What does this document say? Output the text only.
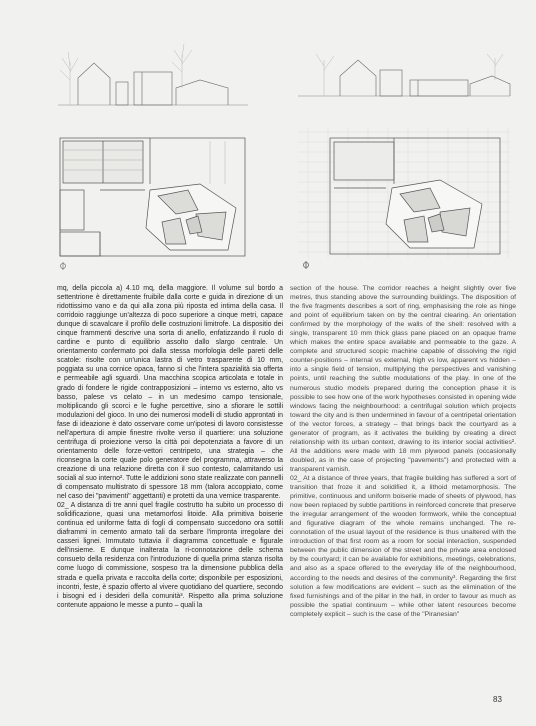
mq, della piccola a) 4.10 mq, della maggiore. Il volume sul bordo a settentrione è direttamente fruibile dalla corte e guida in direzione di un ridottissimo vano e da qui alla zona più riposta ed intima della casa. Il corridoio raggiunge un'altezza di poco superiore a cinque metri, capace dunque di scavalcare il profilo delle costruzioni limitrofe. La dispositio dei cinque frammenti descrive una sorta di anello, enfatizzando il ruolo di cardine e punto di equilibrio assolto dallo slargo centrale. Un orientamento confermato poi dalla stessa morfologia delle pareti delle scatole: risolte con un'unica lastra di vetro trasparente di 10 mm, poggiata su una cornice opaca, fanno sì che l'intera spazialità sia offerta e permeabile agli sguardi. Una macchina scopica articolata e totale in grado di fondere le rigide contrapposizioni – interno vs esterno, alto vs basso, palese vs celato – in un medesimo campo tensionale, moltiplicando gli scorci e le fughe percettive, sino a sfiorare le sottili modulazioni del gioco. In uno dei numerosi modelli di studio approntati in fase di ideazione è dato osservare come un'ipotesi di lavoro consistesse nell'apertura di ampie finestre rivolte verso il quartiere: una soluzione centrifuga di proiezione verso la città poi depotenziata a favore di un orientamento delle forze-vettori centripeto, una strategia – che riconsegna la corte quale polo generatore del programma, attraverso la creazione di una relazione diretta con il suo contesto, calamitando usi sociali al suo interno². Tutte le addizioni sono state realizzate con pannelli di compensato multistrato di spessore 18 mm (talora accoppiato, come nel caso dei "pavimenti" aggettanti) e protetti da una vernice trasparente.

02_ A distanza di tre anni quel fragile costrutto ha subito un processo di solidificazione, quasi una metamorfosi litoide. Alla primitiva boiserie continua ed uniforme fatta di fogli di compensato succedono ora sottili diaframmi in cemento armato tali da serbare l'impronta irregolare dei casseri lignei. Immutato tuttavia il diagramma concettuale e figurale dell'insieme. E dunque inalterata la ri-connotazione delle schema consueto della residenza con l'introduzione di quella prima stanza risolta come luogo di commissione, sospeso tra la dimensione pubblica della strada e quella privata e raccolta della corte; disponibile per esposizioni, incontri, feste, è spazio offerto al vivere quotidiano del quartiere, secondo i bisogni ed i desideri della comunità³. Rispetto alla prima soluzione contenute appaiono le messe a punto – quali la

section of the house. The corridor reaches a height slightly over five metres, thus standing above the surrounding buildings. The disposition of the five fragments describes a sort of ring, emphasising the role as hinge and point of equilibrium taken on by the central clearing. An orientation confirmed by the morphology of the walls of the shell: resolved with a single, transparent 10 mm thick glass pane placed on an opaque frame which makes the entire space available and permeable to the gaze. A complete and structured scopic machine capable of dissolving the rigid counter-positions – internal vs external, high vs low, apparent vs hidden – into a single field of tension, multiplying the perspectives and vanishing points, until reaching the subtle modulations of the play. In one of the numerous studio models prepared during the conception phase it is possible to see how one of the work hypotheses consisted in opening wide windows facing the neighbourhood: a centrifugal solution which projects toward the city and is then undermined in favour of a centripetal orientation of the vector forces, a strategy – that brings back the courtyard as a generator of program, as it activates the building by creating a direct relationship with its urban context, drawing to its interior social activities². All the additions were made with 18 mm plywood panels (occasionally doubled, as in the case of projecting "pavements") and protected with a transparent varnish.

02_ At a distance of three years, that fragile building has suffered a sort of transition that froze it and solidified it, a lithoid metamorphosis. The primitive, continuous and uniform boiserie made of sheets of plywood, has now been replaced by subtle partitions in reinforced concrete that preserve the irregular arrangement of the wooden formwork, while the conceptual and figurative diagram of the whole remains unchanged. The re-connotation of the usual layout of the residence is thus unaltered with the introduction of that first room as a room for social interaction, suspended between the public dimension of the street and the private area enclosed by the courtyard; it can be available for exhibitions, meetings, celebrations, and also as a space offered to the everyday life of the neighbourhood, according to the needs and desires of the community³. Regarding the first solution a few modifications are evident – such as the elimination of the fixed furnishings and of the pillar in the hall, in order to favour as much as possible the spatial continuum – while other latent resources become completely explicit – such is the case of the "Piranesian"

83
